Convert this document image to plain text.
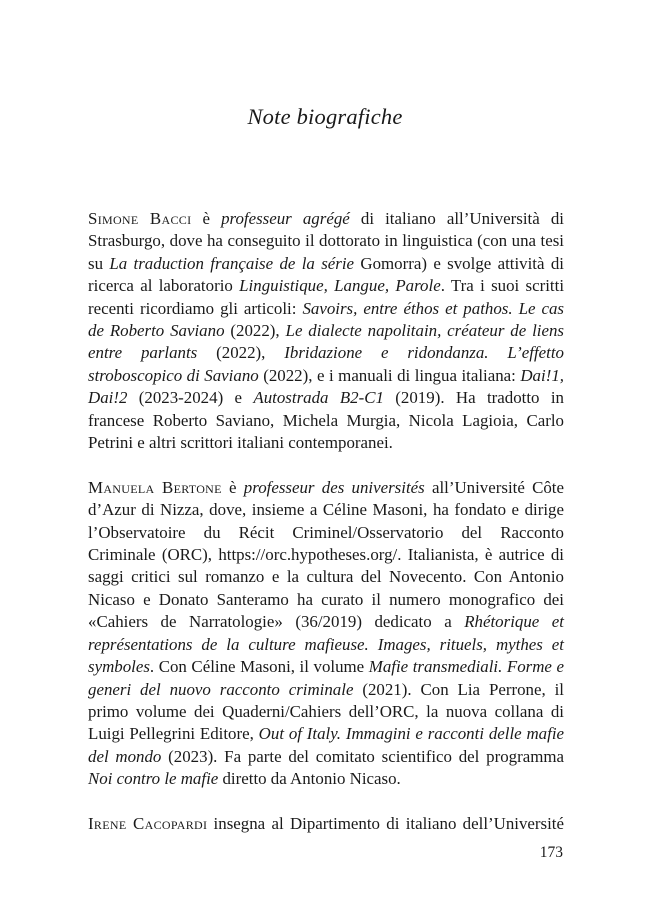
Note biografiche

Simone Bacci è professeur agrégé di italiano all’Università di Strasburgo, dove ha conseguito il dottorato in linguistica (con una tesi su La traduction française de la série Gomorra) e svolge attività di ricerca al laboratorio Linguistique, Langue, Parole. Tra i suoi scritti recenti ricordiamo gli articoli: Savoirs, entre éthos et pathos. Le cas de Roberto Saviano (2022), Le dialecte napolitain, créateur de liens entre parlants (2022), Ibridazione e ridondanza. L’effetto stroboscopico di Saviano (2022), e i manuali di lingua italiana: Dai!1, Dai!2 (2023-2024) e Autostrada B2-C1 (2019). Ha tradotto in francese Roberto Saviano, Michela Murgia, Nicola Lagioia, Carlo Petrini e altri scrittori italiani contemporanei.

Manuela Bertone è professeur des universités all’Université Côte d’Azur di Nizza, dove, insieme a Céline Masoni, ha fondato e dirige l’Observatoire du Récit Criminel/Osservatorio del Racconto Criminale (ORC), https://orc.hypotheses.org/. Italianista, è autrice di saggi critici sul romanzo e la cultura del Novecento. Con Antonio Nicaso e Donato Santeramo ha curato il numero monografico dei «Cahiers de Narratologie» (36/2019) dedicato a Rhétorique et représentations de la culture mafieuse. Images, rituels, mythes et symboles. Con Céline Masoni, il volume Mafie transmediali. Forme e generi del nuovo racconto criminale (2021). Con Lia Perrone, il primo volume dei Quaderni/Cahiers dell’ORC, la nuova collana di Luigi Pellegrini Editore, Out of Italy. Immagini e racconti delle mafie del mondo (2023). Fa parte del comitato scientifico del programma Noi contro le mafie diretto da Antonio Nicaso.

Irene Cacopardi insegna al Dipartimento di italiano dell’Université

173
